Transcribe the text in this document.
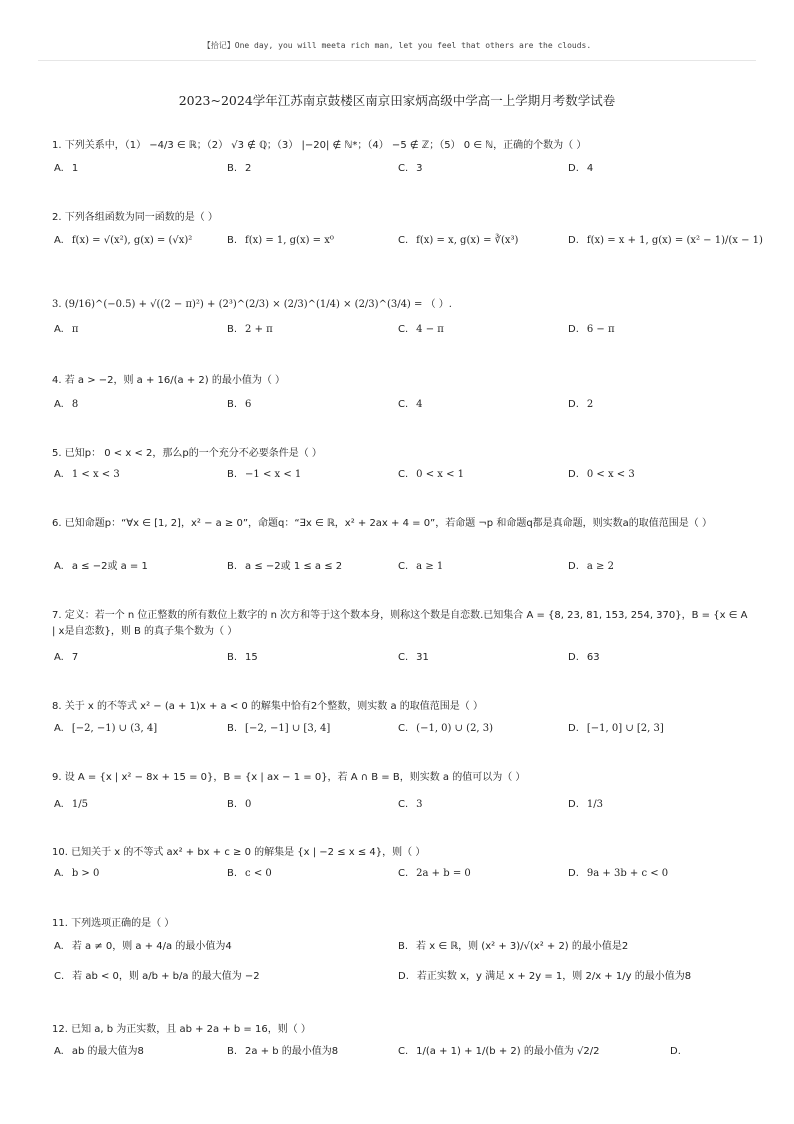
【拾记】One day, you will meeta rich man, let you feel that others are the clouds.
2023~2024学年江苏南京鼓楼区南京田家炳高级中学高一上学期月考数学试卷
1. 下列关系中，（1） −4/3 ∈ ℝ；（2） √3 ∉ ℚ；（3） |−20| ∉ ℕ*；（4） −5 ∉ ℤ；（5） 0 ∈ ℕ，正确的个数为（ ）
A. 1	B. 2	C. 3	D. 4
2. 下列各组函数为同一函数的是（ ）
A. f(x) = √(x²), g(x) = (√x)²	B. f(x) = 1, g(x) = x⁰	C. f(x) = x, g(x) = ∛(x³)	D. f(x) = x + 1, g(x) = (x² − 1)/(x − 1)
3. (9/16)^(−0.5) + √((2 − π)²) + (2³)^(2/3) × (2/3)^(1/4) × (2/3)^(3/4) = （ ）.
A. π	B. 2 + π	C. 4 − π	D. 6 − π
4. 若 a > −2，则 a + 16/(a + 2) 的最小值为（ ）
A. 8	B. 6	C. 4	D. 2
5. 已知p： 0 < x < 2，那么p的一个充分不必要条件是（ ）
A. 1 < x < 3	B. −1 < x < 1	C. 0 < x < 1	D. 0 < x < 3
6. 已知命题p：“∀x ∈ [1, 2]，x² − a ≥ 0”，命题q：“∃x ∈ ℝ，x² + 2ax + 4 = 0”，若命题 ¬p 和命题q都是真命题，则实数a的取值范围是（ ）
A. a ≤ −2或 a = 1	B. a ≤ −2或 1 ≤ a ≤ 2	C. a ≥ 1	D. a ≥ 2
7. 定义：若一个 n 位正整数的所有数位上数字的 n 次方和等于这个数本身，则称这个数是自恋数.已知集合 A = {8, 23, 81, 153, 254, 370}，B = {x ∈ A | x是自恋数}，则 B 的真子集个数为（ ）
A. 7	B. 15	C. 31	D. 63
8. 关于 x 的不等式 x² − (a + 1)x + a < 0 的解集中恰有2个整数，则实数 a 的取值范围是（ ）
A. [−2, −1) ∪ (3, 4]	B. [−2, −1] ∪ [3, 4]	C. (−1, 0) ∪ (2, 3)	D. [−1, 0] ∪ [2, 3]
9. 设 A = {x | x² − 8x + 15 = 0}，B = {x | ax − 1 = 0}，若 A ∩ B = B，则实数 a 的值可以为（ ）
A. 1/5	B. 0	C. 3	D. 1/3
10. 已知关于 x 的不等式 ax² + bx + c ≥ 0 的解集是 {x | −2 ≤ x ≤ 4}，则（ ）
A. b > 0	B. c < 0	C. 2a + b = 0	D. 9a + 3b + c < 0
11. 下列选项正确的是（ ）
A. 若 a ≠ 0，则 a + 4/a 的最小值为4	B. 若 x ∈ ℝ，则 (x² + 3)/√(x² + 2) 的最小值是2
C. 若 ab < 0，则 a/b + b/a 的最大值为 −2	D. 若正实数 x，y 满足 x + 2y = 1，则 2/x + 1/y 的最小值为8
12. 已知 a, b 为正实数，且 ab + 2a + b = 16，则（ ）
A. ab 的最大值为8	B. 2a + b 的最小值为8	C. 1/(a + 1) + 1/(b + 2) 的最小值为 √2/2	D.
